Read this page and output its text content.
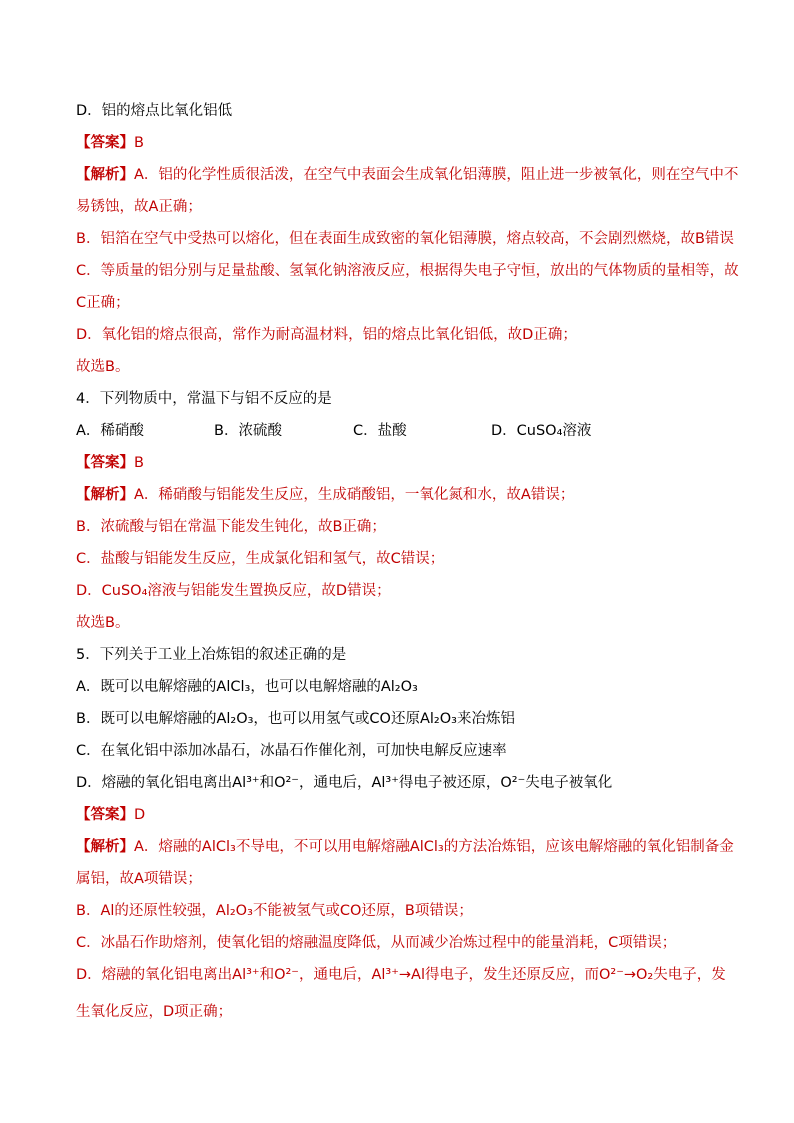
D．铝的熔点比氧化铝低
【答案】B
【解析】A．铝的化学性质很活泼，在空气中表面会生成氧化铝薄膜，阻止进一步被氧化，则在空气中不
易锈蚀，故A正确；
B．铝箔在空气中受热可以熔化，但在表面生成致密的氧化铝薄膜，熔点较高，不会剧烈燃烧，故B错误
C．等质量的铝分别与足量盐酸、氢氧化钠溶液反应，根据得失电子守恒，放出的气体物质的量相等，故
C正确；
D．氧化铝的熔点很高，常作为耐高温材料，铝的熔点比氧化铝低，故D正确；
故选B。
4．下列物质中，常温下与铝不反应的是
A．稀硝酸	B．浓硫酸	C．盐酸	D．CuSO₄溶液
【答案】B
【解析】A．稀硝酸与铝能发生反应，生成硝酸铝，一氧化氮和水，故A错误；
B．浓硫酸与铝在常温下能发生钝化，故B正确；
C．盐酸与铝能发生反应，生成氯化铝和氢气，故C错误；
D．CuSO₄溶液与铝能发生置换反应，故D错误；
故选B。
5．下列关于工业上冶炼铝的叙述正确的是
A．既可以电解熔融的AlCl₃，也可以电解熔融的Al₂O₃
B．既可以电解熔融的Al₂O₃，也可以用氢气或CO还原Al₂O₃来冶炼铝
C．在氧化铝中添加冰晶石，冰晶石作催化剂，可加快电解反应速率
D．熔融的氧化铝电离出Al³⁺和O²⁻，通电后，Al³⁺得电子被还原，O²⁻失电子被氧化
【答案】D
【解析】A．熔融的AlCl₃不导电，不可以用电解熔融AlCl₃的方法冶炼铝，应该电解熔融的氧化铝制备金
属铝，故A项错误；
B．Al的还原性较强，Al₂O₃不能被氢气或CO还原，B项错误；
C．冰晶石作助熔剂，使氧化铝的熔融温度降低，从而减少冶炼过程中的能量消耗，C项错误；
D．熔融的氧化铝电离出Al³⁺和O²⁻，通电后，Al³⁺→Al得电子，发生还原反应，而O²⁻→O₂失电子，发
生氧化反应，D项正确；
